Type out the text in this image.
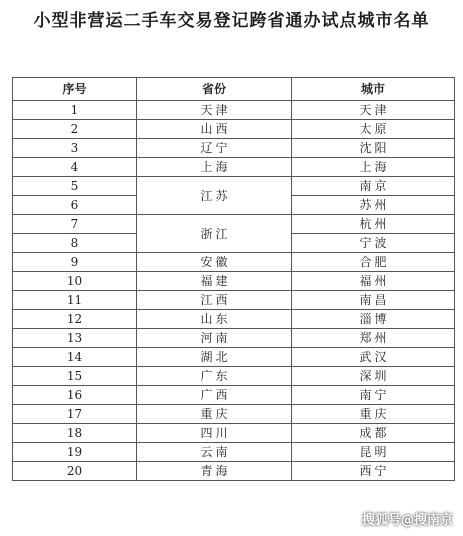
小型非营运二手车交易登记跨省通办试点城市名单
序号	省份	城市
1	天津	天津
2	山西	太原
3	辽宁	沈阳
4	上海	上海
5	江苏	南京
6		苏州
7	浙江	杭州
8		宁波
9	安徽	合肥
10	福建	福州
11	江西	南昌
12	山东	淄博
13	河南	郑州
14	湖北	武汉
15	广东	深圳
16	广西	南宁
17	重庆	重庆
18	四川	成都
19	云南	昆明
20	青海	西宁
搜狐号@搜南京
